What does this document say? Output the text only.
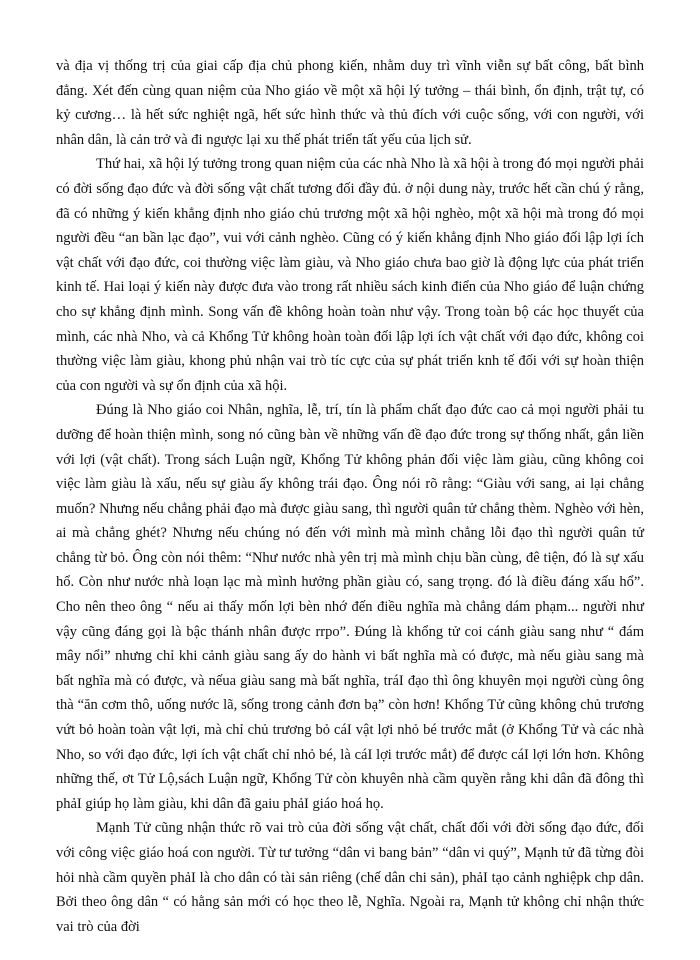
và địa vị thống trị của giai cấp địa chủ phong kiến, nhằm duy trì vĩnh viễn sự bất công, bất bình đẳng. Xét đến cùng quan niệm của Nho giáo về một xã hội lý tưởng – thái bình, ổn định, trật tự, có kỷ cương… là hết sức nghiệt ngã, hết sức hình thức và thủ đích với cuộc sống, với con người, với nhân dân, là cản trở và đi ngược lại xu thế phát triển tất yếu của lịch sử.

Thứ hai, xã hội lý tưởng trong quan niệm của các nhà Nho là xã hội à trong đó mọi người phải có đời sống đạo đức và đời sống vật chất tương đối đầy đủ. ở nội dung này, trước hết cần chú ý rằng, đã có những ý kiến khẳng định nho giáo chủ trương một xã hội nghèo, một xã hội mà trong đó mọi người đều “an bần lạc đạo”, vui với cảnh nghèo. Cũng có ý kiến khẳng định Nho giáo đối lập lợi ích vật chất với đạo đức, coi thường việc làm giàu, và Nho giáo chưa bao giờ là động lực của phát triển kinh tế. Hai loại ý kiến này được đưa vào trong rất nhiều sách kinh điển của Nho giáo để luận chứng cho sự khẳng định mình. Song vấn đề không hoàn toàn như vậy. Trong toàn bộ các học thuyết của mình, các nhà Nho, và cả Khổng Tử không hoàn toàn đối lập lợi ích vật chất với đạo đức, không coi thường việc làm giàu, khong phủ nhận vai trò tíc cực của sự phát triển knh tế đối với sự hoàn thiện của con người và sự ổn định của xã hội.

Đúng là Nho giáo coi Nhân, nghĩa, lễ, trí, tín là phẩm chất đạo đức cao cả mọi người phải tu dưỡng để hoàn thiện mình, song nó cũng bàn về những vấn đề đạo đức trong sự thống nhất, gắn liền với lợi (vật chất). Trong sách Luận ngữ, Khổng Tử không phản đối việc làm giàu, cũng không coi việc làm giàu là xấu, nếu sự giàu ấy không trái đạo. Ông nói rõ rằng: “Giàu với sang, ai lại chẳng muốn? Nhưng nếu chẳng phải đạo mà được giàu sang, thì người quân tử chẳng thèm. Nghèo với hèn, ai mà chẳng ghét? Nhưng nếu chúng nó đến với mình mà mình chẳng lỗi đạo thì người quân tử chẳng từ bỏ. Ông còn nói thêm: “Như nước nhà yên trị mà mình chịu bần cùng, đê tiện, đó là sự xấu hổ. Còn như nước nhà loạn lạc mà mình hưởng phần giàu có, sang trọng. đó là điều đáng xấu hổ”. Cho nên theo ông “ nếu ai thấy mốn lợi bèn nhớ đến điều nghĩa mà chẳng dám phạm... người như vậy cũng đáng gọi là bậc thánh nhân được rrpo”. Đúng là khổng tử coi cánh giàu sang như “ đám mây nổi” nhưng chỉ khi cảnh giàu sang ấy do hành vi bất nghĩa mà có được, mà nếu giàu sang mà bất nghĩa mà có được, và nếua giàu sang mà bất nghĩa, tráI đạo thì ông khuyên mọi người cùng ông thà “ăn cơm thô, uống nước lã, sống trong cảnh đơn bạ” còn hơn! Khổng Tử cũng không chủ trương vứt bỏ hoàn toàn vật lợi, mà chỉ chủ trương bỏ cáI vật lợi nhỏ bé trước mắt (ở Khổng Tử và các nhà Nho, so với đạo đức, lợi ích vật chất chỉ nhỏ bé, là cáI lợi trước mắt) để được cáI lợi lớn hơn. Không những thế, ơt Tử Lộ,sách Luận ngữ, Khổng Tử còn khuyên nhà cầm quyền rằng khi dân đã đông thì phảI giúp họ làm giàu, khi dân đã gaiu phảI giáo hoá họ.

Mạnh Tử cũng nhận thức rõ vai trò của đời sống vật chất, chất đối với đời sống đạo đức, đối với công việc giáo hoá con người. Từ tư tưởng “dân vi bang bản” “dân vi quý”, Mạnh tử đã từng đòi hỏi nhà cầm quyền phảI là cho dân có tài sản riêng (chế dân chi sản), phảI tạo cảnh nghiệpk chp dân. Bởi theo ông dân “ có hằng sản mới có học theo lễ, Nghĩa. Ngoài ra, Mạnh tử không chỉ nhận thức vai trò của đời
